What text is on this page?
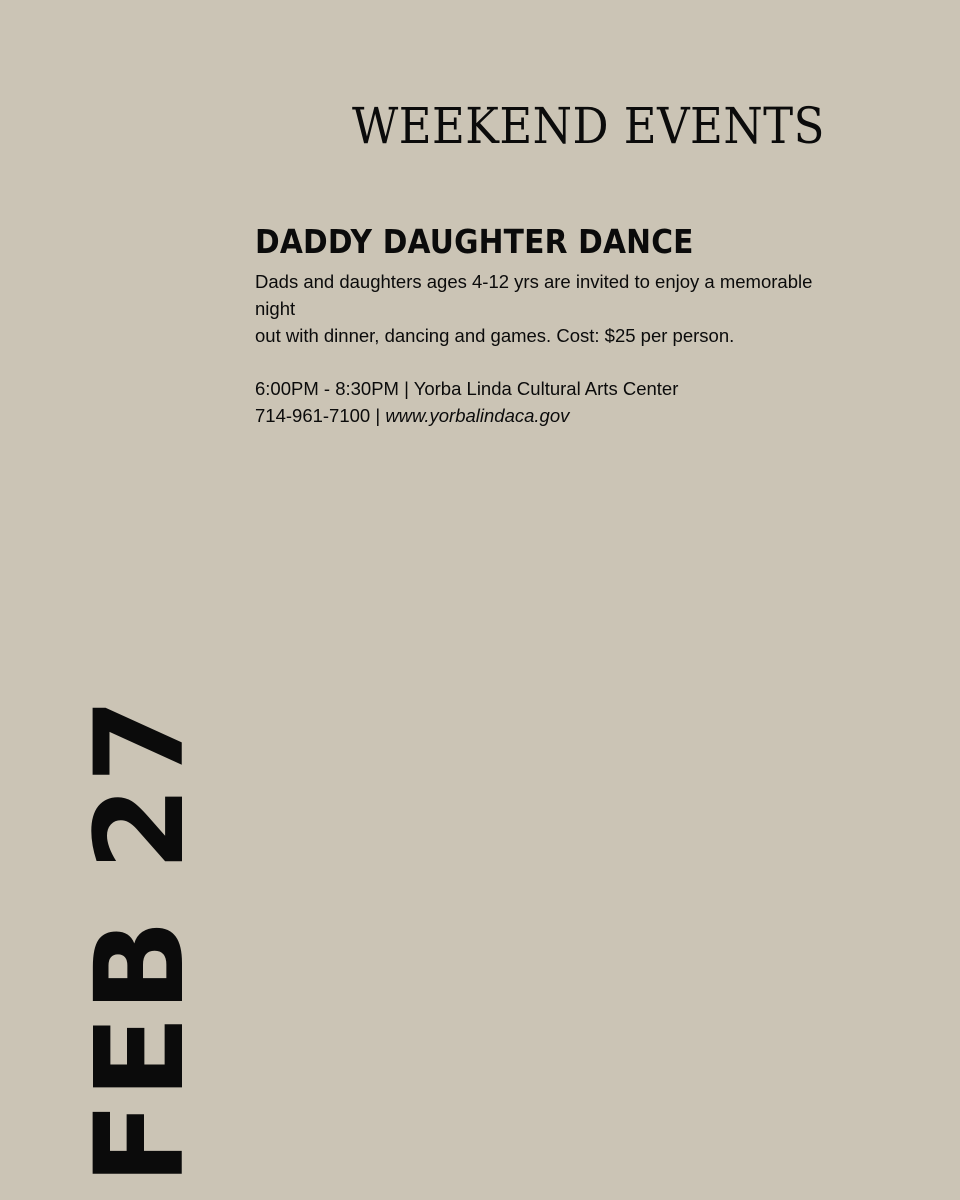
WEEKEND EVENTS
DADDY DAUGHTER DANCE
Dads and daughters ages 4-12 yrs are invited to enjoy a memorable night
out with dinner, dancing and games. Cost: $25 per person.
6:00PM - 8:30PM | Yorba Linda Cultural Arts Center
714-961-7100 | www.yorbalindaca.gov
FEB 27
